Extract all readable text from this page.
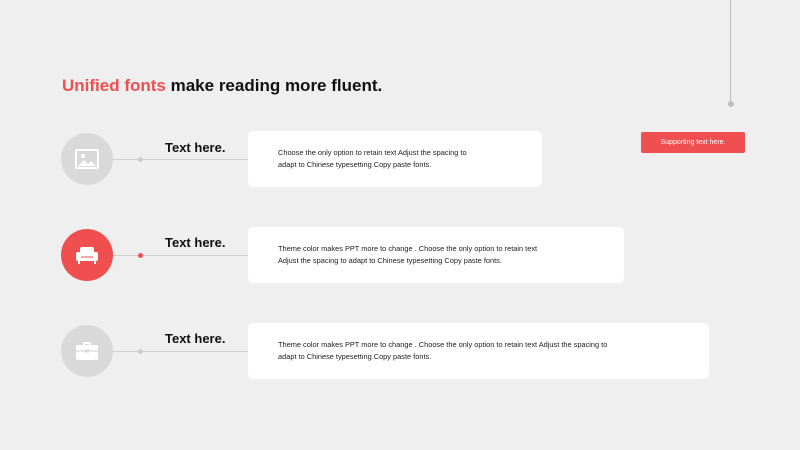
Unified fonts make reading more fluent.
Supporting text here.
Text here.	Choose the only option to retain text Adjust the spacing to
adapt to Chinese typesetting Copy paste fonts.
Text here.	Theme color makes PPT more to change . Choose the only option to retain text
Adjust the spacing to adapt to Chinese typesetting Copy paste fonts.
Text here.	Theme color makes PPT more to change . Choose the only option to retain text Adjust the spacing to
adapt to Chinese typesetting Copy paste fonts.
